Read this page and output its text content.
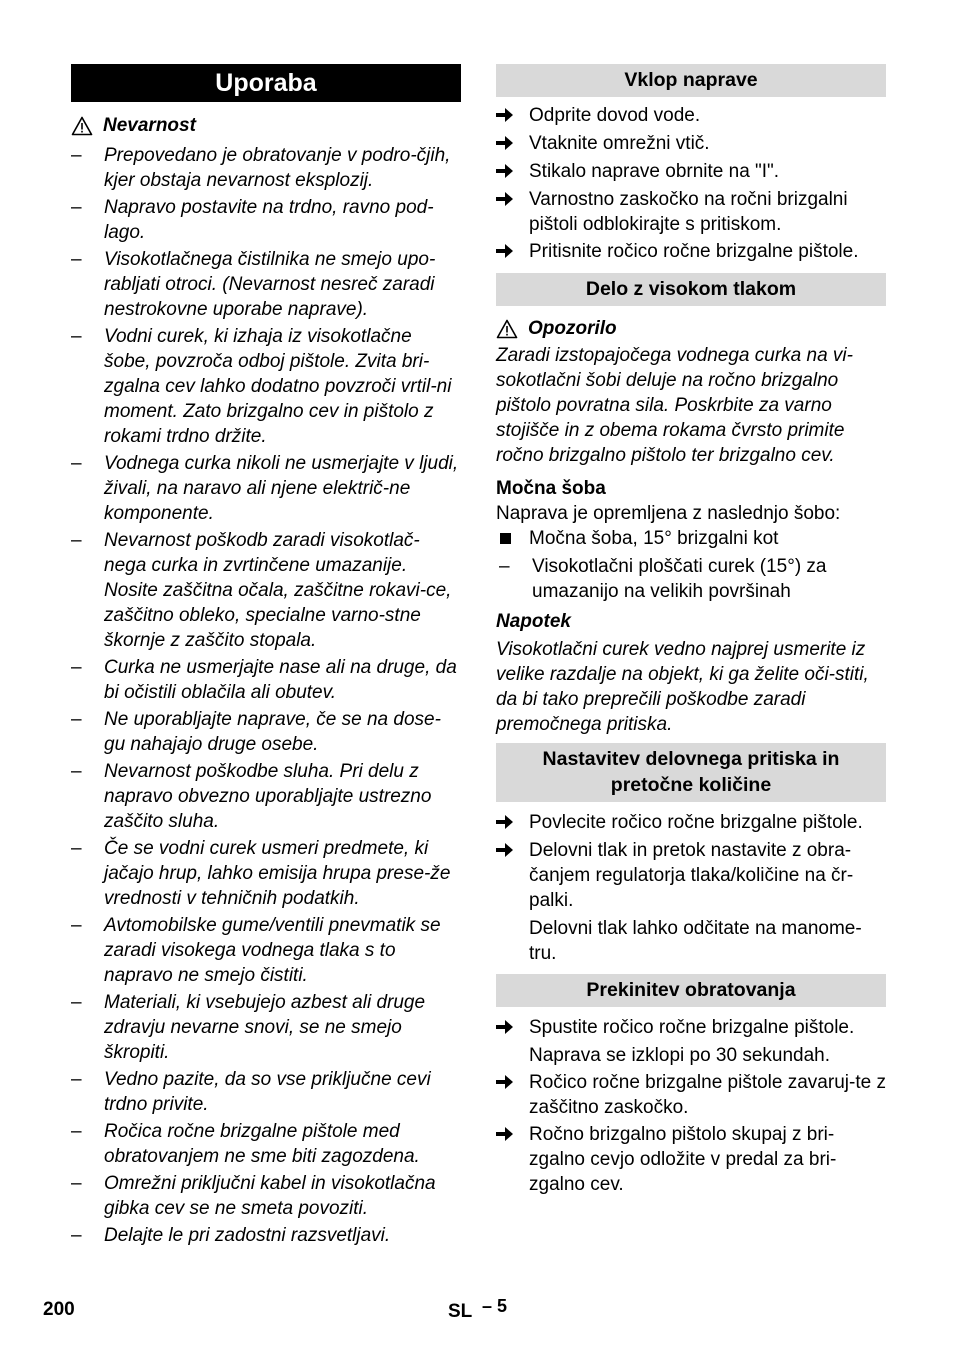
Uporaba
Nevarnost
–	Prepovedano je obratovanje v podro-čjih, kjer obstaja nevarnost eksplozij.
–	Napravo postavite na trdno, ravno pod-lago.
–	Visokotlačnega čistilnika ne smejo upo-rabljati otroci. (Nevarnost nesreč zaradi nestrokovne uporabe naprave).
–	Vodni curek, ki izhaja iz visokotlačne šobe, povzroča odboj pištole. Zvita bri-zgalna cev lahko dodatno povzroči vrtil-ni moment. Zato brizgalno cev in pištolo z rokami trdno držite.
–	Vodnega curka nikoli ne usmerjajte v ljudi, živali, na naravo ali njene električ-ne komponente.
–	Nevarnost poškodb zaradi visokotlač-nega curka in zvrtinčene umazanije. Nosite zaščitna očala, zaščitne rokavi-ce, zaščitno obleko, specialne varno-stne škornje z zaščito stopala.
–	Curka ne usmerjajte nase ali na druge, da bi očistili oblačila ali obutev.
–	Ne uporabljajte naprave, če se na dose-gu nahajajo druge osebe.
–	Nevarnost poškodbe sluha. Pri delu z napravo obvezno uporabljajte ustrezno zaščito sluha.
–	Če se vodni curek usmeri predmete, ki jačajo hrup, lahko emisija hrupa prese-že vrednosti v tehničnih podatkih.
–	Avtomobilske gume/ventili pnevmatik se zaradi visokega vodnega tlaka s to napravo ne smejo čistiti.
–	Materiali, ki vsebujejo azbest ali druge zdravju nevarne snovi, se ne smejo škropiti.
–	Vedno pazite, da so vse priključne cevi trdno privite.
–	Ročica ročne brizgalne pištole med obratovanjem ne sme biti zagozdena.
–	Omrežni priključni kabel in visokotlačna gibka cev se ne smeta povoziti.
–	Delajte le pri zadostni razsvetljavi.
Vklop naprave
Odprite dovod vode.
Vtaknite omrežni vtič.
Stikalo naprave obrnite na "I".
Varnostno zaskočko na ročni brizgalni pištoli odblokirajte s pritiskom.
Pritisnite ročico ročne brizgalne pištole.
Delo z visokom tlakom
Opozorilo
Zaradi izstopajočega vodnega curka na vi-sokotlačni šobi deluje na ročno brizgalno pištolo povratna sila. Poskrbite za varno stojišče in z obema rokama čvrsto primite ročno brizgalno pištolo ter brizgalno cev.
Močna šoba
Naprava je opremljena z naslednjo šobo:
Močna šoba, 15° brizgalni kot
–	Visokotlačni ploščati curek (15°) za umazanijo na velikih površinah
Napotek
Visokotlačni curek vedno najprej usmerite iz velike razdalje na objekt, ki ga želite oči-stiti, da bi tako preprečili poškodbe zaradi premočnega pritiska.
Nastavitev delovnega pritiska in pretočne količine
Povlecite ročico ročne brizgalne pištole.
Delovni tlak in pretok nastavite z obra-čanjem regulatorja tlaka/količine na čr-palki.
Delovni tlak lahko odčitate na manome-tru.
Prekinitev obratovanja
Spustite ročico ročne brizgalne pištole.
Naprava se izklopi po 30 sekundah.
Ročico ročne brizgalne pištole zavaruj-te z zaščitno zaskočko.
Ročno brizgalno pištolo skupaj z bri-zgalno cevjo odložite v predal za bri-zgalno cev.
200	SL – 5
